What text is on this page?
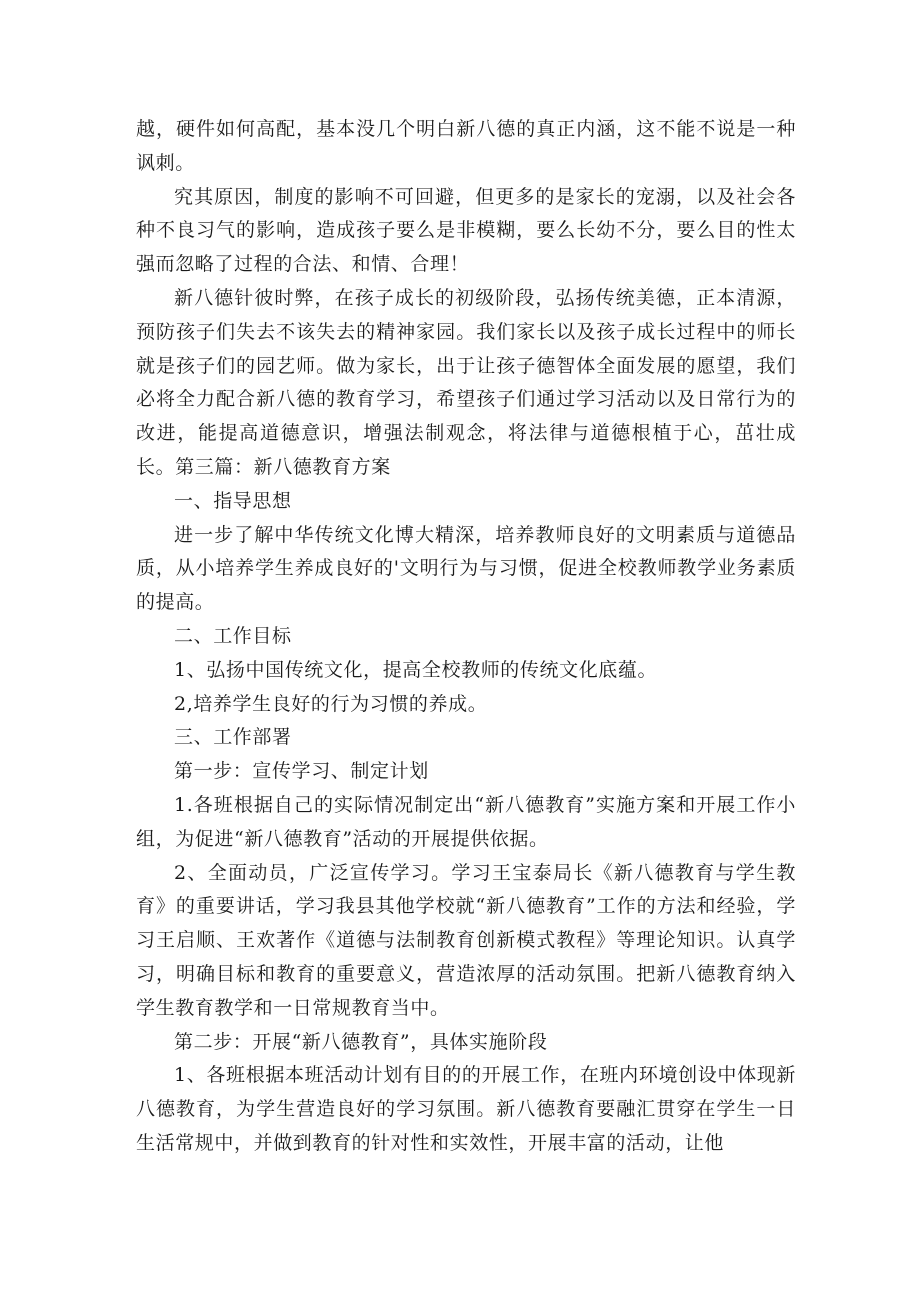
越，硬件如何高配，基本没几个明白新八德的真正内涵，这不能不说是一种讽刺。

究其原因，制度的影响不可回避，但更多的是家长的宠溺，以及社会各种不良习气的影响，造成孩子要么是非模糊，要么长幼不分，要么目的性太强而忽略了过程的合法、和情、合理！

新八德针彼时弊，在孩子成长的初级阶段，弘扬传统美德，正本清源，预防孩子们失去不该失去的精神家园。我们家长以及孩子成长过程中的师长就是孩子们的园艺师。做为家长，出于让孩子德智体全面发展的愿望，我们必将全力配合新八德的教育学习，希望孩子们通过学习活动以及日常行为的改进，能提高道德意识，增强法制观念，将法律与道德根植于心，茁壮成长。第三篇：新八德教育方案

一、指导思想

进一步了解中华传统文化博大精深，培养教师良好的文明素质与道德品质，从小培养学生养成良好的'文明行为与习惯，促进全校教师教学业务素质的提高。

二、工作目标

1、弘扬中国传统文化，提高全校教师的传统文化底蕴。

2,培养学生良好的行为习惯的养成。

三、工作部署

第一步：宣传学习、制定计划

1.各班根据自己的实际情况制定出“新八德教育”实施方案和开展工作小组，为促进“新八德教育”活动的开展提供依据。

2、全面动员，广泛宣传学习。学习王宝泰局长《新八德教育与学生教育》的重要讲话，学习我县其他学校就“新八德教育”工作的方法和经验，学习王启顺、王欢著作《道德与法制教育创新模式教程》等理论知识。认真学习，明确目标和教育的重要意义，营造浓厚的活动氛围。把新八德教育纳入学生教育教学和一日常规教育当中。

第二步：开展“新八德教育”，具体实施阶段

1、各班根据本班活动计划有目的的开展工作，在班内环境创设中体现新八德教育，为学生营造良好的学习氛围。新八德教育要融汇贯穿在学生一日生活常规中，并做到教育的针对性和实效性，开展丰富的活动，让他
